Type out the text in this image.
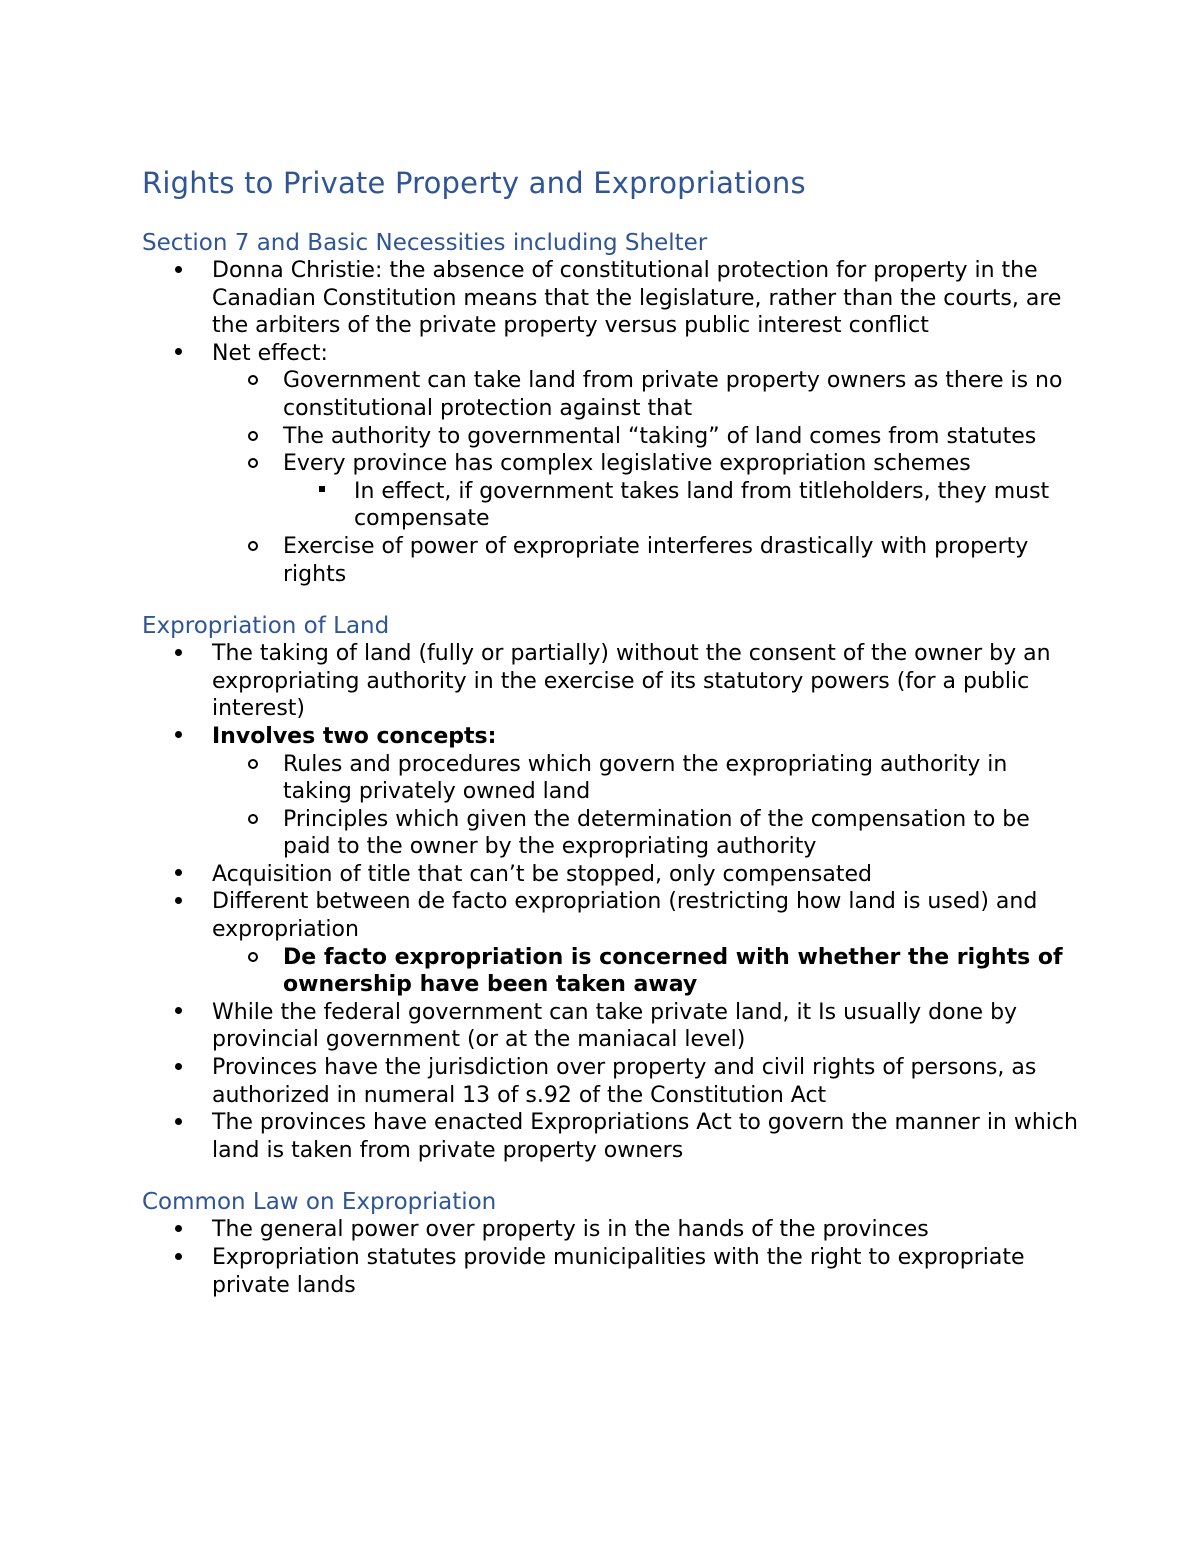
Rights to Private Property and Expropriations
Section 7 and Basic Necessities including Shelter
Donna Christie: the absence of constitutional protection for property in the Canadian Constitution means that the legislature, rather than the courts, are the arbiters of the private property versus public interest conflict
Net effect:
Government can take land from private property owners as there is no constitutional protection against that
The authority to governmental “taking” of land comes from statutes
Every province has complex legislative expropriation schemes
In effect, if government takes land from titleholders, they must compensate
Exercise of power of expropriate interferes drastically with property rights
Expropriation of Land
The taking of land (fully or partially) without the consent of the owner by an expropriating authority in the exercise of its statutory powers (for a public interest)
Involves two concepts:
Rules and procedures which govern the expropriating authority in taking privately owned land
Principles which given the determination of the compensation to be paid to the owner by the expropriating authority
Acquisition of title that can’t be stopped, only compensated
Different between de facto expropriation (restricting how land is used) and expropriation
De facto expropriation is concerned with whether the rights of ownership have been taken away
While the federal government can take private land, it Is usually done by provincial government (or at the maniacal level)
Provinces have the jurisdiction over property and civil rights of persons, as authorized in numeral 13 of s.92 of the Constitution Act
The provinces have enacted Expropriations Act to govern the manner in which land is taken from private property owners
Common Law on Expropriation
The general power over property is in the hands of the provinces
Expropriation statutes provide municipalities with the right to expropriate private lands
